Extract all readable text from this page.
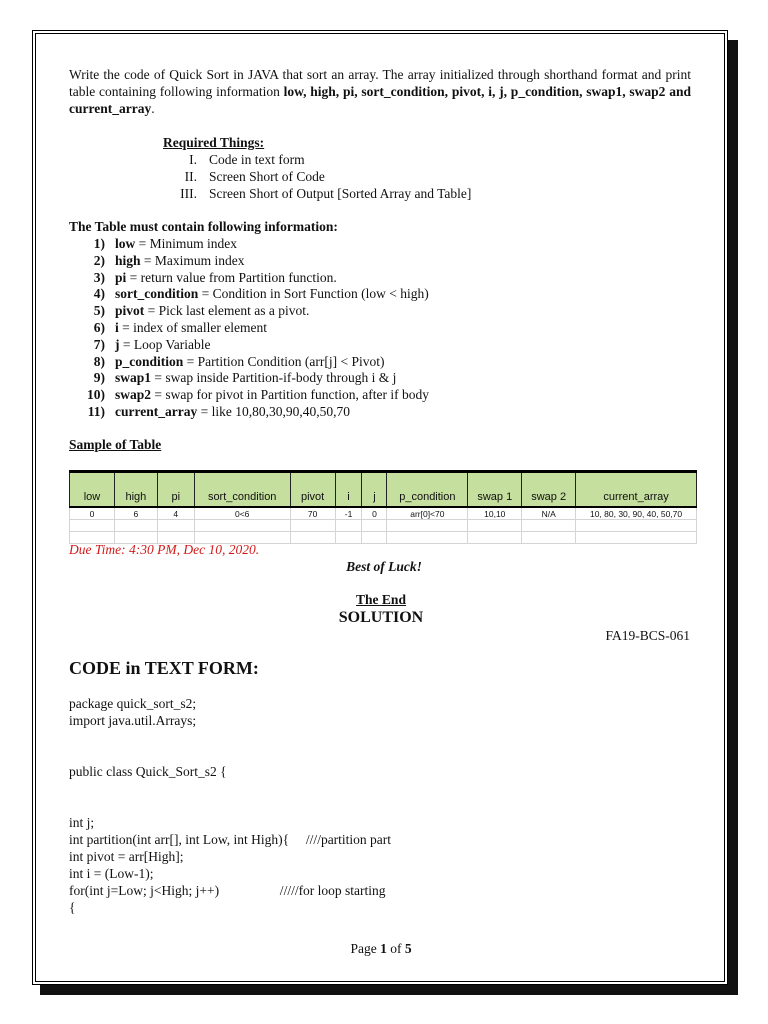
Write the code of Quick Sort in JAVA that sort an array. The array initialized through shorthand format and print table containing following information low, high, pi, sort_condition, pivot, i, j, p_condition, swap1, swap2 and current_array.
Required Things:
I. Code in text form
II. Screen Short of Code
III. Screen Short of Output [Sorted Array and Table]
The Table must contain following information:
1) low = Minimum index
2) high = Maximum index
3) pi = return value from Partition function.
4) sort_condition = Condition in Sort Function (low < high)
5) pivot = Pick last element as a pivot.
6) i = index of smaller element
7) j = Loop Variable
8) p_condition = Partition Condition (arr[j] < Pivot)
9) swap1 = swap inside Partition-if-body through i & j
10) swap2 = swap for pivot in Partition function, after if body
11) current_array = like 10,80,30,90,40,50,70
Sample of Table
low	high	pi	sort_condition	pivot	i	j	p_condition	swap 1	swap 2	current_array
0	6	4	0<6	70	-1	0	arr[0]<70	10,10	N/A	10, 80, 30, 90, 40, 50,70

Due Time: 4:30 PM, Dec 10, 2020.
Best of Luck!
The End
SOLUTION
FA19-BCS-061
CODE in TEXT FORM:
package quick_sort_s2;
import java.util.Arrays;
public class Quick_Sort_s2 {
int j;
int partition(int arr[], int Low, int High){     ////partition part
int pivot = arr[High];
int i = (Low-1);
for(int j=Low; j<High; j++)                  /////for loop starting
{
Page 1 of 5
